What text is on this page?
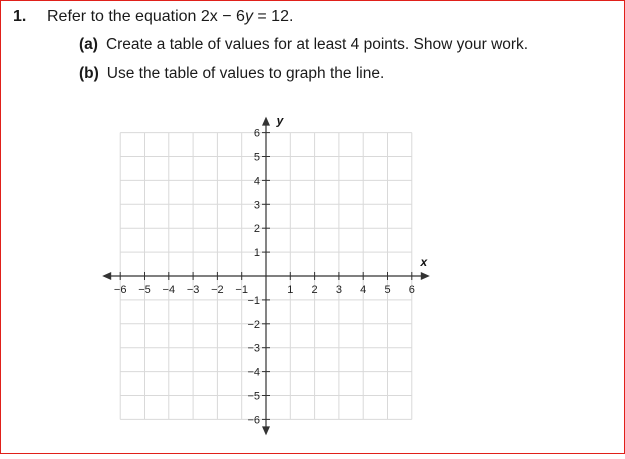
1. Refer to the equation 2x − 6y = 12.
(a) Create a table of values for at least 4 points. Show your work.
(b) Use the table of values to graph the line.
−6 −5 −4 −3 −2 −1	1 2 3 4 5 6
6
5
4
3
2
1
−1
−2
−3
−4
−5
−6
x
y
